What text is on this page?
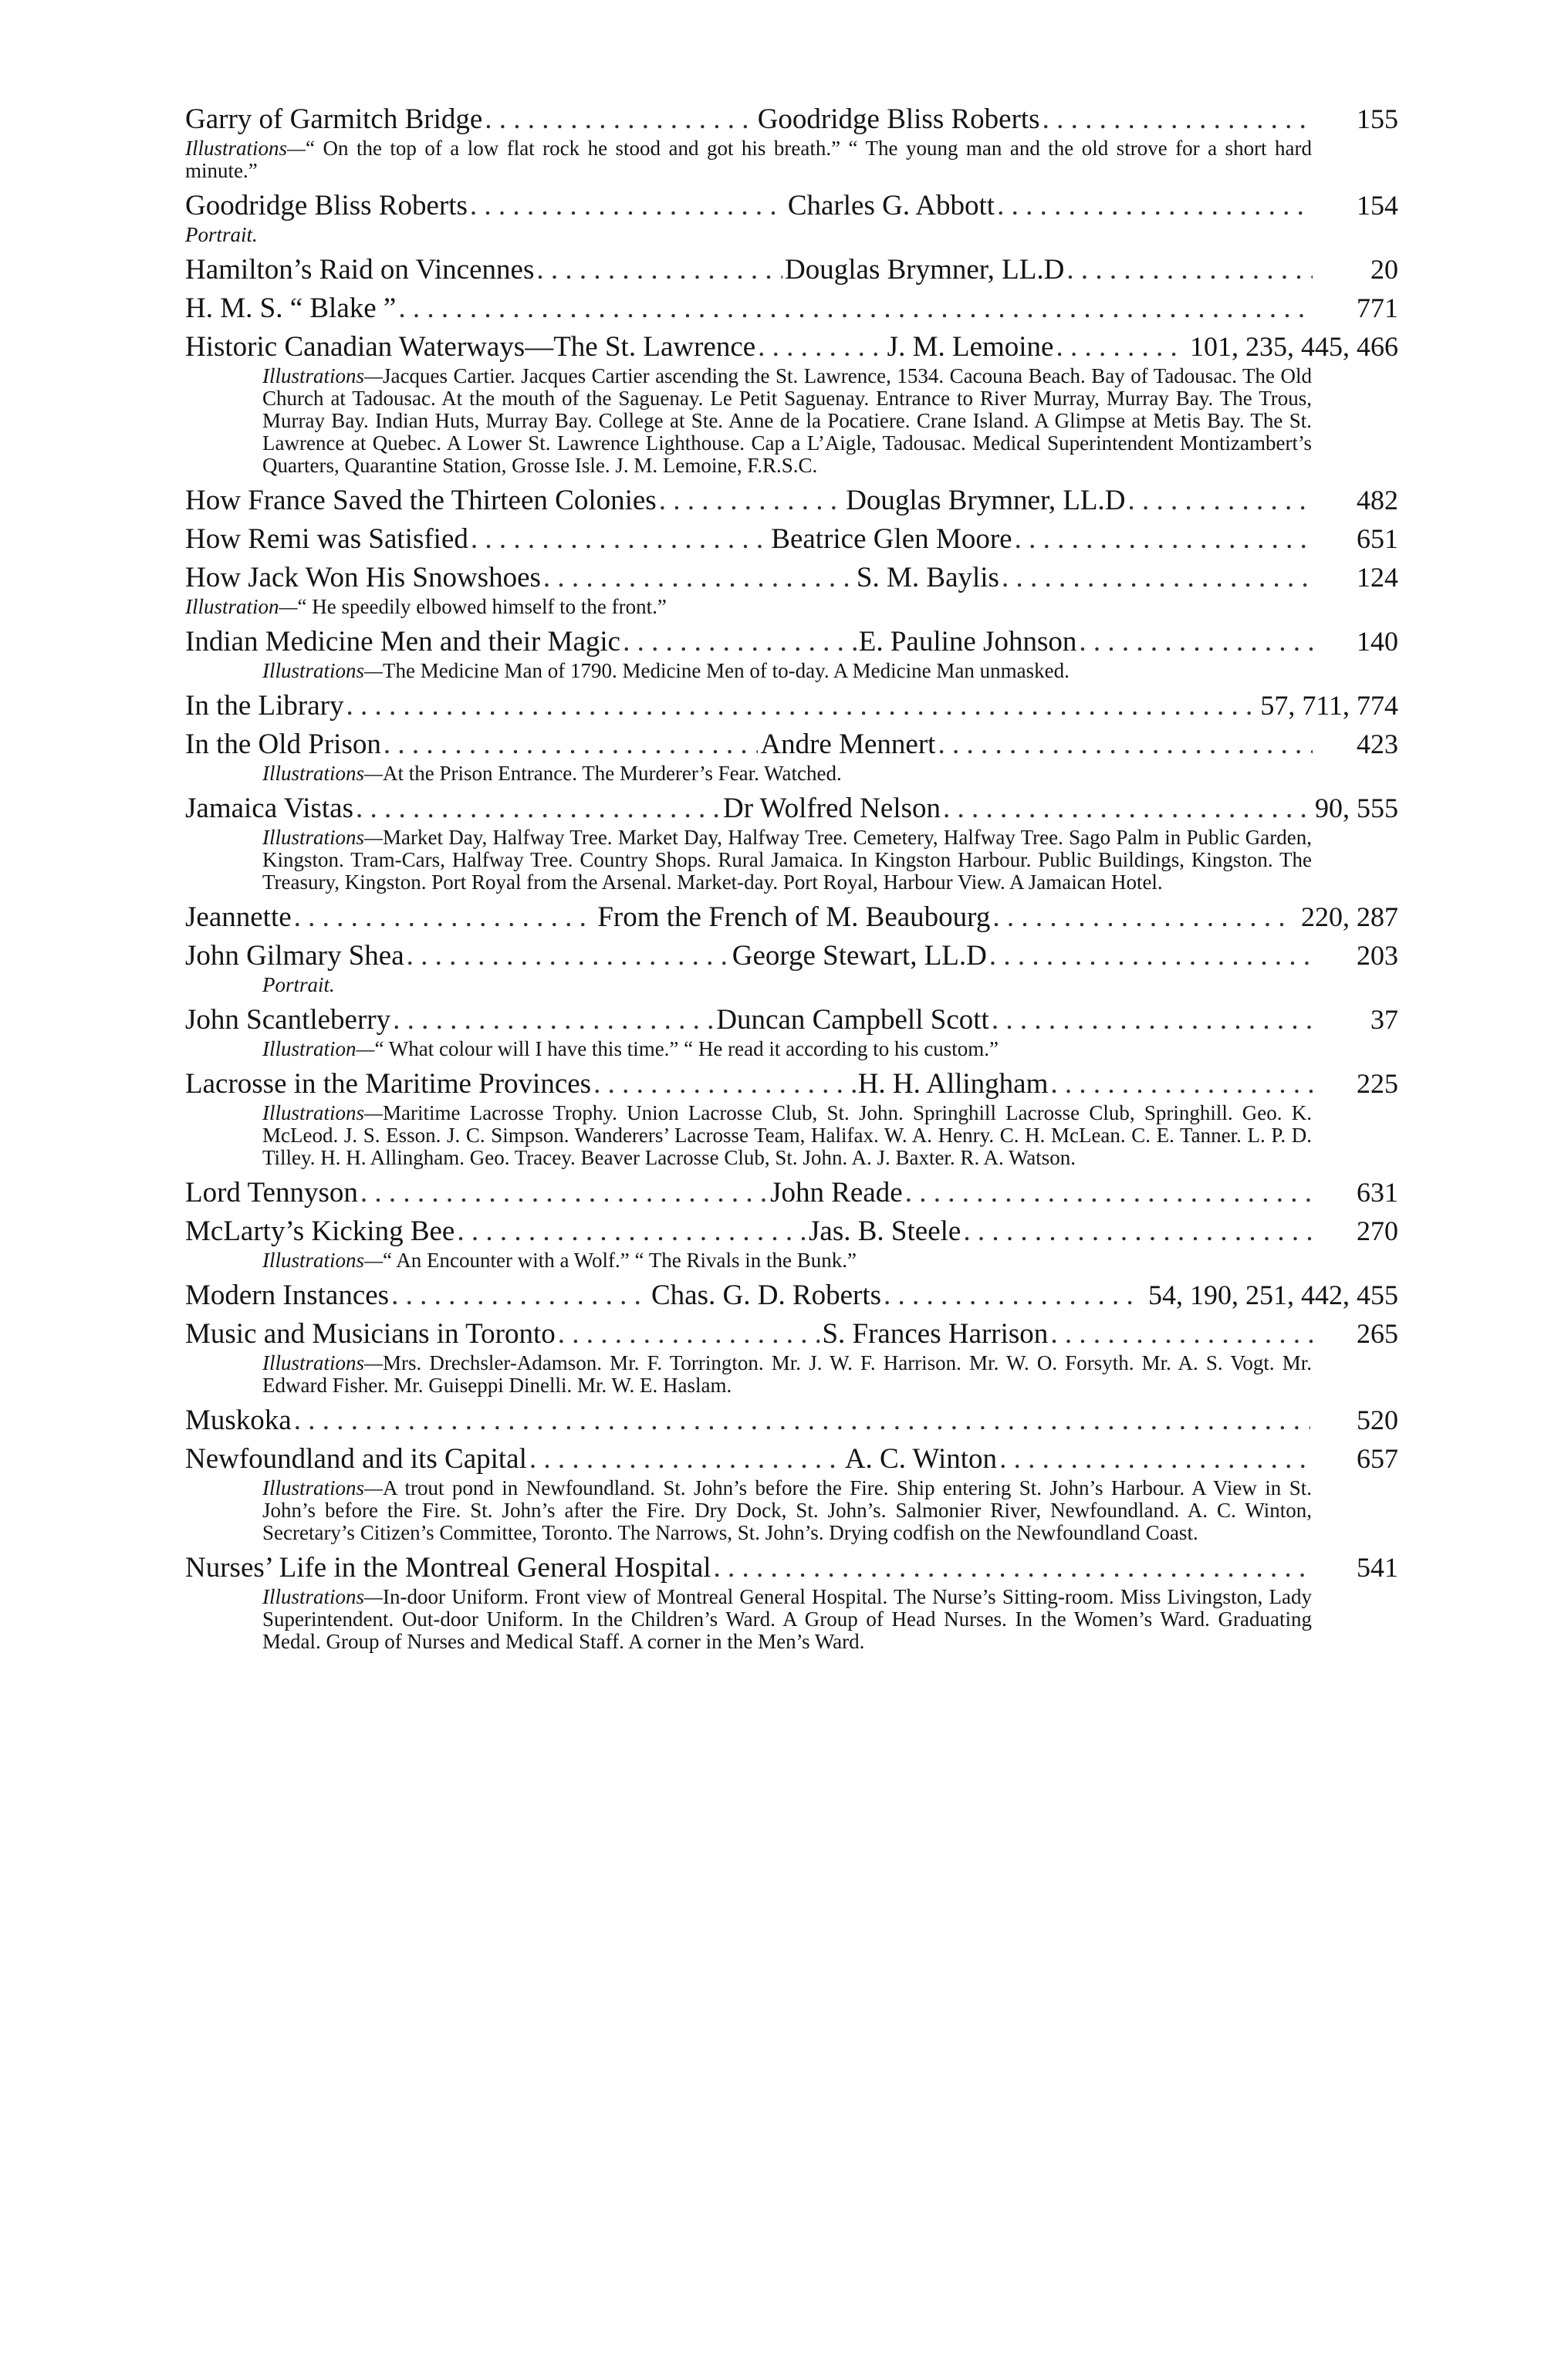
Garry of Garmitch Bridge . . .	Goodridge Bliss Roberts . . .	155
Illustrations—“ On the top of a low flat rock he stood and got his breath.” “ The young man and the old strove for a short hard minute.”
Goodridge Bliss Roberts . . .	Charles G. Abbott . . .	154
Portrait.
Hamilton’s Raid on Vincennes . . .	Douglas Brymner, LL.D . . .	20
H. M. S. “ Blake ” . . .	771
Historic Canadian Waterways—The St. Lawrence . . .	J. M. Lemoine . . .	101, 235, 445, 466
Illustrations—Jacques Cartier. Jacques Cartier ascending the St. Lawrence, 1534. Cacouna Beach. Bay of Tadousac. The Old Church at Tadousac. At the mouth of the Saguenay. Le Petit Saguenay. Entrance to River Murray, Murray Bay. The Trous, Murray Bay. Indian Huts, Murray Bay. College at Ste. Anne de la Pocatiere. Crane Island. A Glimpse at Metis Bay. The St. Lawrence at Quebec. A Lower St. Lawrence Lighthouse. Cap a L’Aigle, Tadousac. Medical Superintendent Montizambert’s Quarters, Quarantine Station, Grosse Isle. J. M. Lemoine, F.R.S.C.
How France Saved the Thirteen Colonies . . .	Douglas Brymner, LL.D . . .	482
How Remi was Satisfied . . .	Beatrice Glen Moore . . .	651
How Jack Won His Snowshoes . . .	S. M. Baylis . . .	124
Illustration—“ He speedily elbowed himself to the front.”
Indian Medicine Men and their Magic . . .	E. Pauline Johnson . . .	140
Illustrations—The Medicine Man of 1790. Medicine Men of to-day. A Medicine Man unmasked.
In the Library . . .	57, 711, 774
In the Old Prison . . .	Andre Mennert . . .	423
Illustrations—At the Prison Entrance. The Murderer’s Fear. Watched.
Jamaica Vistas . . .	Dr Wolfred Nelson . . .	90, 555
Illustrations—Market Day, Halfway Tree. Market Day, Halfway Tree. Cemetery, Halfway Tree. Sago Palm in Public Garden, Kingston. Tram-Cars, Halfway Tree. Country Shops. Rural Jamaica. In Kingston Harbour. Public Buildings, Kingston. The Treasury, Kingston. Port Royal from the Arsenal. Market-day. Port Royal, Harbour View. A Jamaican Hotel.
Jeannette . . .	From the French of M. Beaubourg . . .	220, 287
John Gilmary Shea . . .	George Stewart, LL.D . . .	203
Portrait.
John Scantleberry . . .	Duncan Campbell Scott . . .	37
Illustration—“ What colour will I have this time.” “ He read it according to his custom.”
Lacrosse in the Maritime Provinces . . .	H. H. Allingham . . .	225
Illustrations—Maritime Lacrosse Trophy. Union Lacrosse Club, St. John. Springhill Lacrosse Club, Springhill. Geo. K. McLeod. J. S. Esson. J. C. Simpson. Wanderers’ Lacrosse Team, Halifax. W. A. Henry. C. H. McLean. C. E. Tanner. L. P. D. Tilley. H. H. Allingham. Geo. Tracey. Beaver Lacrosse Club, St. John. A. J. Baxter. R. A. Watson.
Lord Tennyson . . .	John Reade . . .	631
McLarty’s Kicking Bee . . .	Jas. B. Steele . . .	270
Illustrations—“ An Encounter with a Wolf.” “ The Rivals in the Bunk.”
Modern Instances . . .	Chas. G. D. Roberts . . .	54, 190, 251, 442, 455
Music and Musicians in Toronto . . .	S. Frances Harrison . . .	265
Illustrations—Mrs. Drechsler-Adamson. Mr. F. Torrington. Mr. J. W. F. Harrison. Mr. W. O. Forsyth. Mr. A. S. Vogt. Mr. Edward Fisher. Mr. Guiseppi Dinelli. Mr. W. E. Haslam.
Muskoka . . .	520
Newfoundland and its Capital . . .	A. C. Winton . . .	657
Illustrations—A trout pond in Newfoundland. St. John’s before the Fire. Ship entering St. John’s Harbour. A View in St. John’s before the Fire. St. John’s after the Fire. Dry Dock, St. John’s. Salmonier River, Newfoundland. A. C. Winton, Secretary’s Citizen’s Committee, Toronto. The Narrows, St. John’s. Drying codfish on the Newfoundland Coast.
Nurses’ Life in the Montreal General Hospital . . .	541
Illustrations—In-door Uniform. Front view of Montreal General Hospital. The Nurse’s Sitting-room. Miss Livingston, Lady Superintendent. Out-door Uniform. In the Children’s Ward. A Group of Head Nurses. In the Women’s Ward. Graduating Medal. Group of Nurses and Medical Staff. A corner in the Men’s Ward.
